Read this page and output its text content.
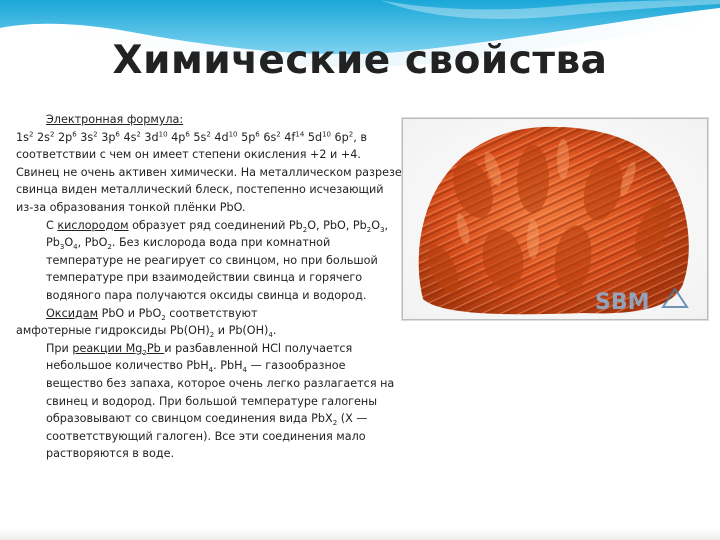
Химические свойства

Электронная формула:

$1s^2$ $2s^2$ $2p^6$ $3s^2$ $3p^6$ $4s^2$ $3d^{10}$ $4p^6$ $5s^2$ $4d^{10}$ $5p^6$ $6s^2$ $4f^{14}$ $5d^{10}$ $6p^2$, в

соответствии с чем он имеет степени окисления +2 и +4. Свинец не очень активен химически. На металлическом разрезе свинца виден металлический блеск, постепенно исчезающий из-за образования тонкой плёнки PbO.

С кислородом образует ряд соединений $Pb_2O$, PbO, $Pb_2O_3$, $Pb_3O_4$, PbO$_2$. Без кислорода вода при комнатной температуре не реагирует со свинцом, но при большой температуре при взаимодействии свинца и горячего водяного пара получаются оксиды свинца и водород.

Оксидам PbO и PbO$_2$ соответствуют

амфотерные гидроксиды $Pb(OH)_2$ и $Pb(OH)_4$.

При реакции $Mg_2Pb$ и разбавленной HCl получается небольшое количество PbH$_4$. PbH$_4$ — газообразное вещество без запаха, которое очень легко разлагается на свинец и водород. При большой температуре галогены образовывают со свинцом соединения вида PbX$_2$ (X — соответствующий галоген). Все эти соединения мало растворяются в воде.

SBM
